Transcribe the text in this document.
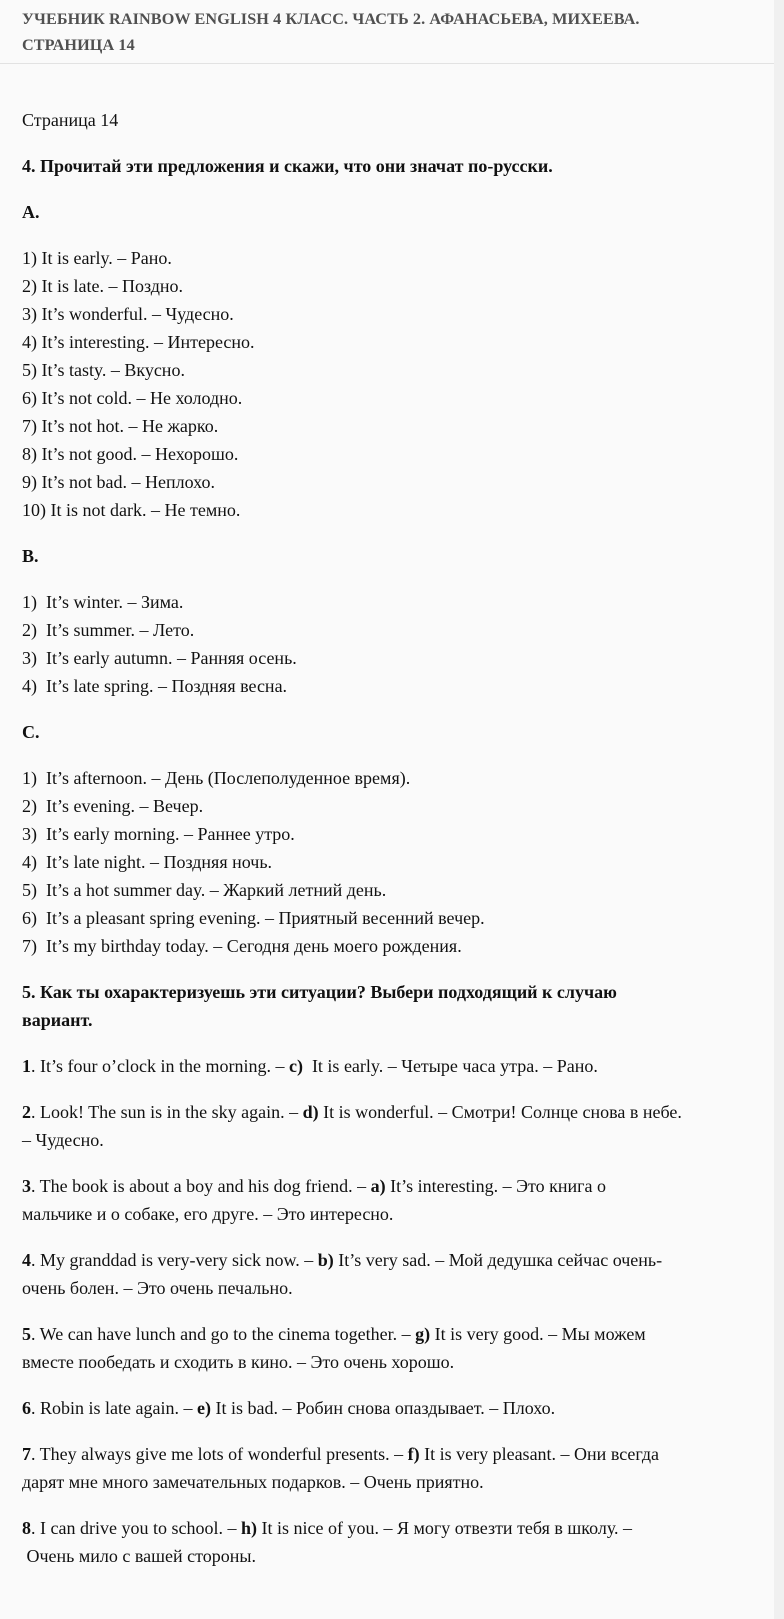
УЧЕБНИК RAINBOW ENGLISH 4 КЛАСС. ЧАСТЬ 2. АФАНАСЬЕВА, МИХЕЕВА.
СТРАНИЦА 14
Страница 14
4. Прочитай эти предложения и скажи, что они значат по-русски.
A.
1) It is early. – Рано.
2) It is late. – Поздно.
3) It’s wonderful. – Чудесно.
4) It’s interesting. – Интересно.
5) It’s tasty. – Вкусно.
6) It’s not cold. – Не холодно.
7) It’s not hot. – Не жарко.
8) It’s not good. – Нехорошо.
9) It’s not bad. – Неплохо.
10) It is not dark. – Не темно.
B.
1)  It’s winter. – Зима.
2)  It’s summer. – Лето.
3)  It’s early autumn. – Ранняя осень.
4)  It’s late spring. – Поздняя весна.
C.
1)  It’s afternoon. – День (Послеполуденное время).
2)  It’s evening. – Вечер.
3)  It’s early morning. – Раннее утро.
4)  It’s late night. – Поздняя ночь.
5)  It’s a hot summer day. – Жаркий летний день.
6)  It’s a pleasant spring evening. – Приятный весенний вечер.
7)  It’s my birthday today. – Сегодня день моего рождения.
5. Как ты охарактеризуешь эти ситуации? Выбери подходящий к случаю
вариант.
1. It’s four o’clock in the morning. – c)  It is early. – Четыре часа утра. – Рано.
2. Look! The sun is in the sky again. – d) It is wonderful. – Смотри! Солнце снова в небе.
– Чудесно.
3. The book is about a boy and his dog friend. – a) It’s interesting. – Это книга о
мальчике и о собаке, его друге. – Это интересно.
4. My granddad is very-very sick now. – b) It’s very sad. – Мой дедушка сейчас очень-
очень болен. – Это очень печально.
5. We can have lunch and go to the cinema together. – g) It is very good. – Мы можем
вместе пообедать и сходить в кино. – Это очень хорошо.
6. Robin is late again. – e) It is bad. – Робин снова опаздывает. – Плохо.
7. They always give me lots of wonderful presents. – f) It is very pleasant. – Они всегда
дарят мне много замечательных подарков. – Очень приятно.
8. I can drive you to school. – h) It is nice of you. – Я могу отвезти тебя в школу. –
Очень мило с вашей стороны.
